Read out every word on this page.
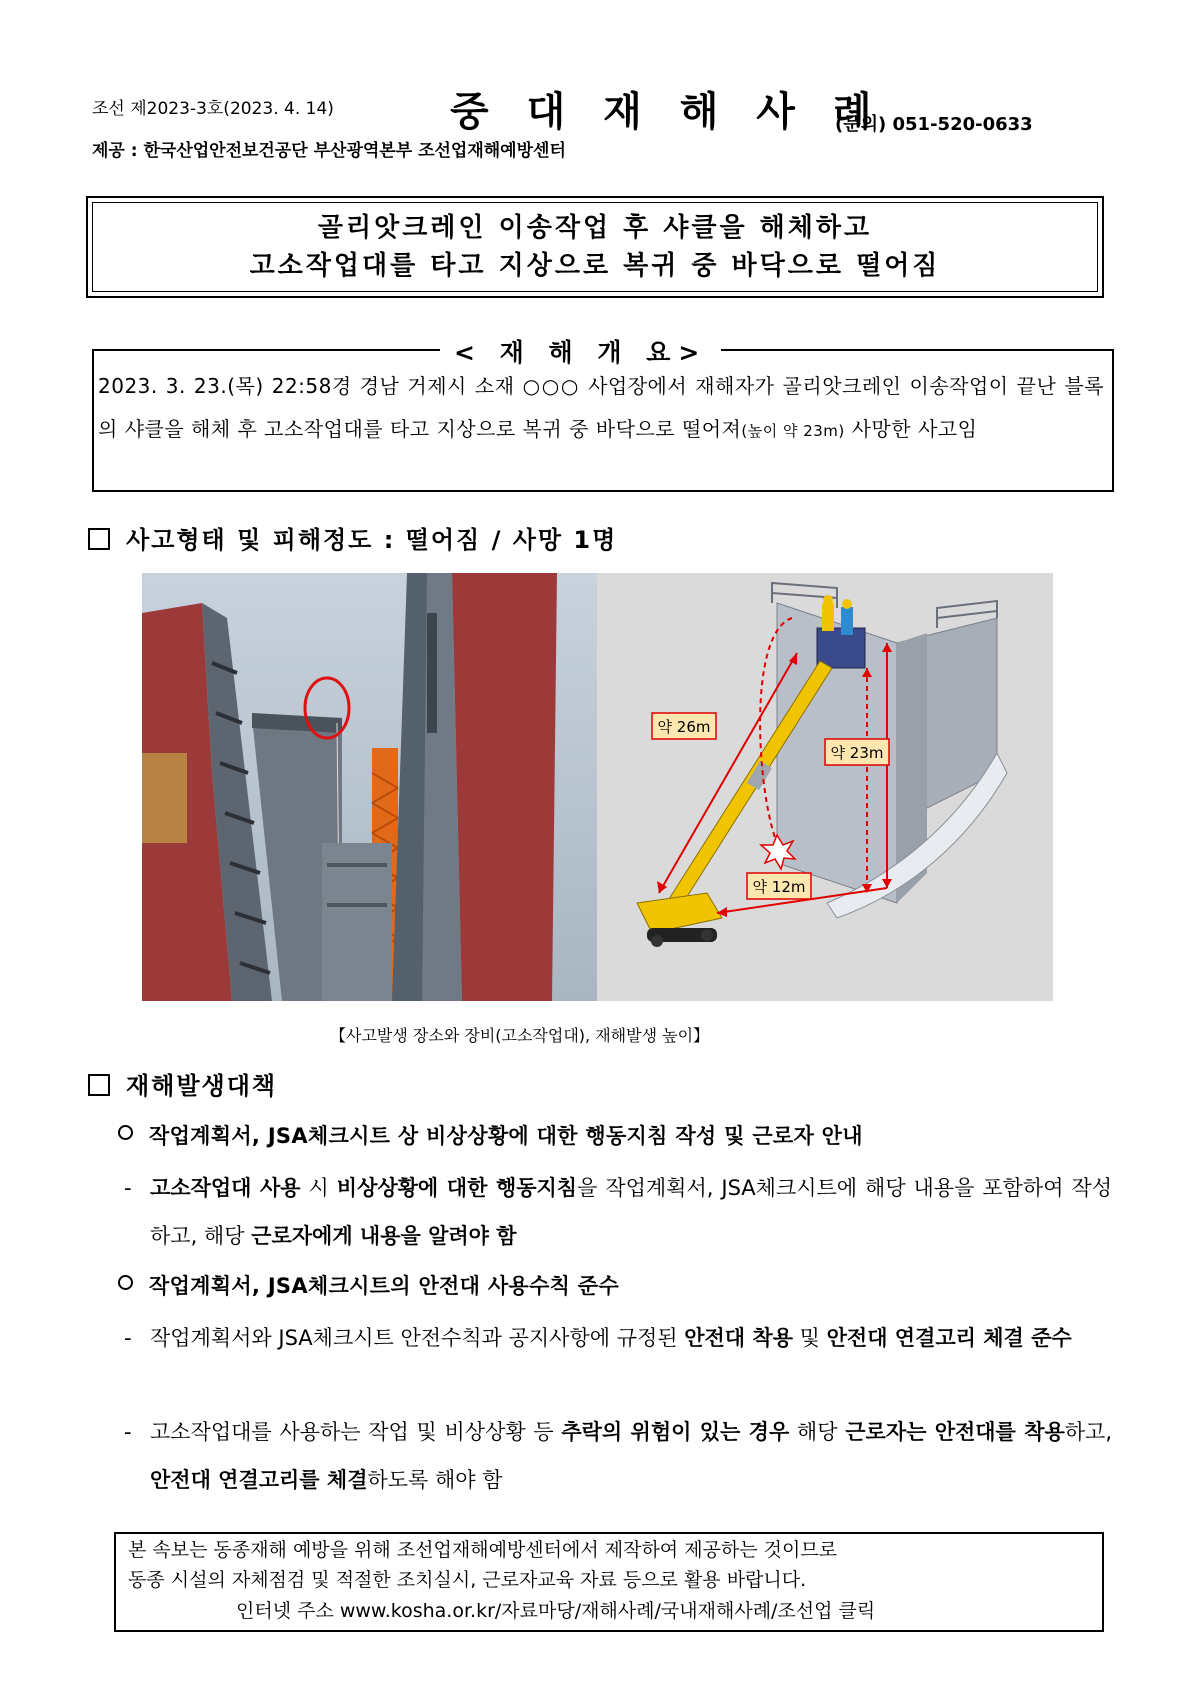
조선 제2023-3호(2023. 4. 14)	중 대 재 해 사 례
(문의) 051-520-0633
제공 : 한국산업안전보건공단 부산광역본부 조선업재해예방센터
골리앗크레인 이송작업 후 샤클을 해체하고
고소작업대를 타고 지상으로 복귀 중 바닥으로 떨어짐
< 재 해 개 요>
2023. 3. 23.(목) 22:58경 경남 거제시 소재 ○○○ 사업장에서 재해자가 골리앗크레인 이송작업이 끝난 블록의 샤클을 해체 후 고소작업대를 타고 지상으로 복귀 중 바닥으로 떨어져(높이 약 23m) 사망한 사고임
사고형태 및 피해정도 : 떨어짐 / 사망 1명
약 26m
약 23m
약 12m
【사고발생 장소와 장비(고소작업대), 재해발생 높이】
재해발생대책
작업계획서, JSA체크시트 상 비상상황에 대한 행동지침 작성 및 근로자 안내
- 고소작업대 사용 시 비상상황에 대한 행동지침을 작업계획서, JSA체크시트에 해당 내용을 포함하여 작성하고, 해당 근로자에게 내용을 알려야 함
작업계획서, JSA체크시트의 안전대 사용수칙 준수
- 작업계획서와 JSA체크시트 안전수칙과 공지사항에 규정된 안전대 착용 및 안전대 연결고리 체결 준수
- 고소작업대를 사용하는 작업 및 비상상황 등 추락의 위험이 있는 경우 해당 근로자는 안전대를 착용하고, 안전대 연결고리를 체결하도록 해야 함
본 속보는 동종재해 예방을 위해 조선업재해예방센터에서 제작하여 제공하는 것이므로
동종 시설의 자체점검 및 적절한 조치실시, 근로자교육 자료 등으로 활용 바랍니다.
인터넷 주소 www.kosha.or.kr/자료마당/재해사례/국내재해사례/조선업 클릭
